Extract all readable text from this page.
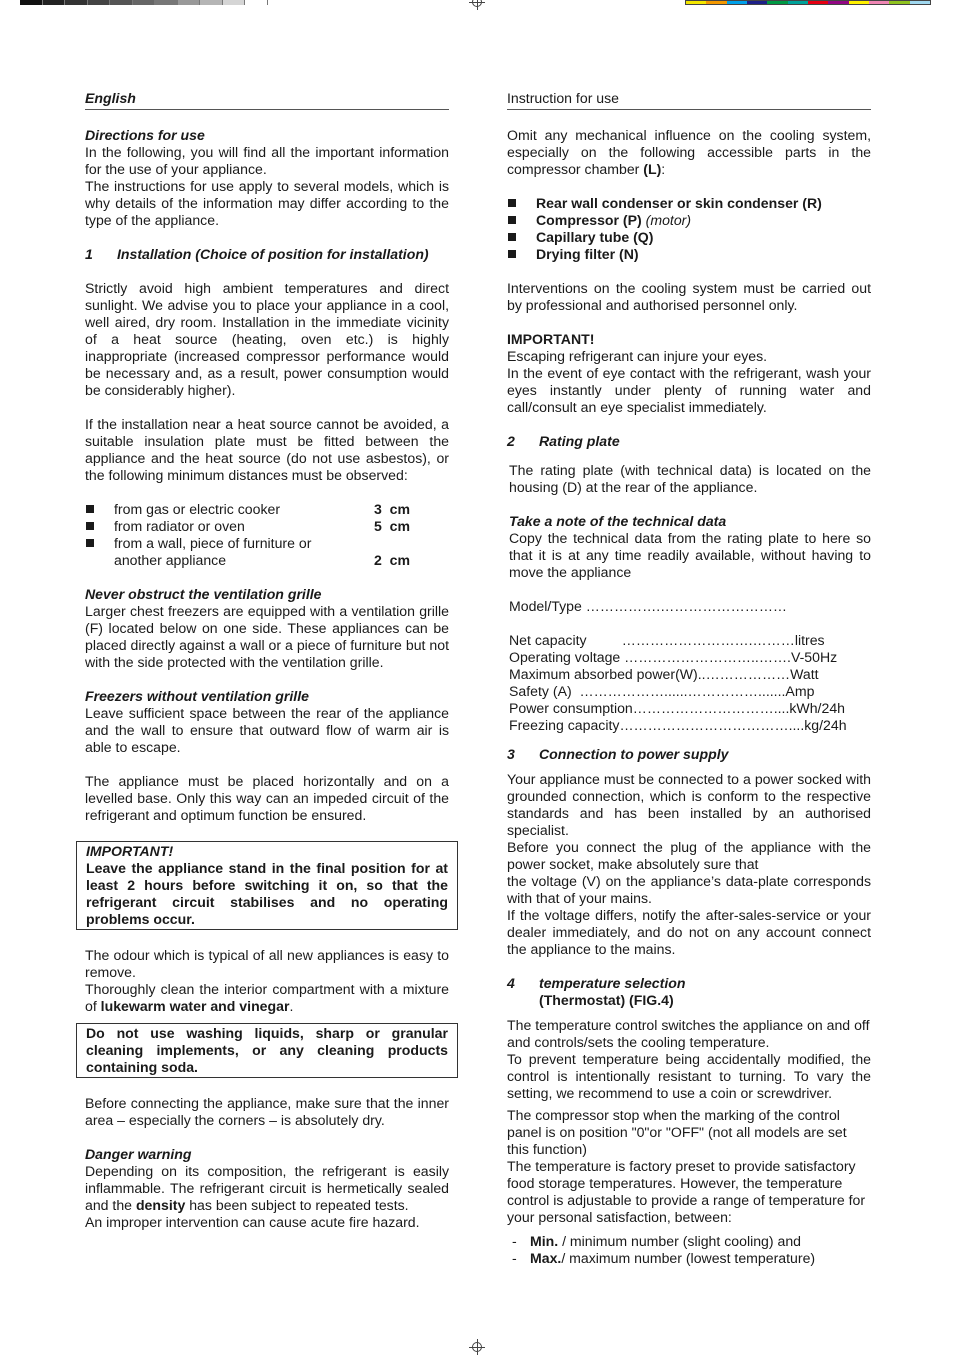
English

Directions for use

In the following, you will find all the important information for the use of your appliance.

The instructions for use apply to several models, which is why details of the information may differ according to the type of the appliance.

1	Installation (Choice of position for installation)

Strictly avoid high ambient temperatures and direct sunlight. We advise you to place your appliance in a cool, well aired, dry room. Installation in the immediate vicinity of a heat source (heating, oven etc.) is highly inappropriate (increased compressor performance would be necessary and, as a result, power consumption would be considerably higher).

If the installation near a heat source cannot be avoided, a suitable insulation plate must be fitted between the appliance and the heat source (do not use asbestos), or the following minimum distances must be observed:

from gas or electric cooker	3  cm
from radiator or oven	5  cm
from a wall, piece of furniture or another appliance	2  cm

Never obstruct the ventilation grille

Larger chest freezers are equipped with a ventilation grille (F) located below on one side. These appliances can be placed directly against a wall or a piece of furniture but not with the side protected with the ventilation grille.

Freezers without ventilation grille

Leave sufficient space between the rear of the appliance and the wall to ensure that outward flow of warm air is able to escape.

The appliance must be placed horizontally and on a levelled base. Only this way can an impeded circuit of the refrigerant and optimum function be ensured.

IMPORTANT!

Leave the appliance stand in the final position for at least 2 hours before switching it on, so that the refrigerant circuit stabilises and no operating problems occur.

The odour which is typical of all new appliances is easy to remove.

Thoroughly clean the interior compartment with a mixture of lukewarm water and vinegar.

Do not use washing liquids, sharp or granular cleaning implements, or any cleaning products containing soda.

Before connecting the appliance, make sure that the inner area – especially the corners – is absolutely dry.

Danger warning

Depending on its composition, the refrigerant is easily inflammable. The refrigerant circuit is hermetically sealed and the density has been subject to repeated tests.

An improper intervention can cause acute fire hazard.

Instruction for use

Omit any mechanical influence on the cooling system, especially on the following accessible parts in the compressor chamber (L):

Rear wall condenser or skin condenser (R)
Compressor (P) (motor)
Capillary tube (Q)
Drying filter (N)

Interventions on the cooling system must be carried out by professional and authorised personnel only.

IMPORTANT!

Escaping refrigerant can injure your eyes.

In the event of eye contact with the refrigerant, wash your eyes instantly under plenty of running water and call/consult an eye specialist immediately.

2	Rating plate

The rating plate (with technical data) is located on the housing (D) at the rear of the appliance.

Take a note of the technical data

Copy the technical data from the rating plate to here so that it is at any time readily available, without having to move the appliance

Model/Type …………….………………………

Net capacity         ……………………….………litres

Operating voltage ………………………..…….V-50Hz

Maximum absorbed power(W)..………………Watt

Safety (A)  ………………......…………….......Amp

Power consumption…………………………....kWh/24h

Freezing capacity………………………………....kg/24h

3	Connection to power supply

Your appliance must be connected to a power socked with grounded connection, which is conform to the respective standards and has been installed by an authorised specialist.

Before you connect the plug of the appliance with the power socket, make absolutely sure that

the voltage (V) on the appliance’s data-plate corresponds with that of your mains.

If the voltage differs, notify the after-sales-service or your dealer immediately, and do not on any account connect the appliance to the mains.

4	temperature selection

(Thermostat) (FIG.4)

The temperature control switches the appliance on and off and controls/sets the cooling temperature.

To prevent temperature being accidentally modified, the control is intentionally resistant to turning. To vary the setting, we recommend to use a coin or screwdriver.

The compressor stop when the marking of the control panel is on position "0"or "OFF" (not all models are set this function)

The temperature is factory preset to provide satisfactory food storage temperatures. However, the temperature control is adjustable to provide a range of temperature for your personal satisfaction, between:

- Min. / minimum number (slight cooling) and
- Max./ maximum number (lowest temperature)
